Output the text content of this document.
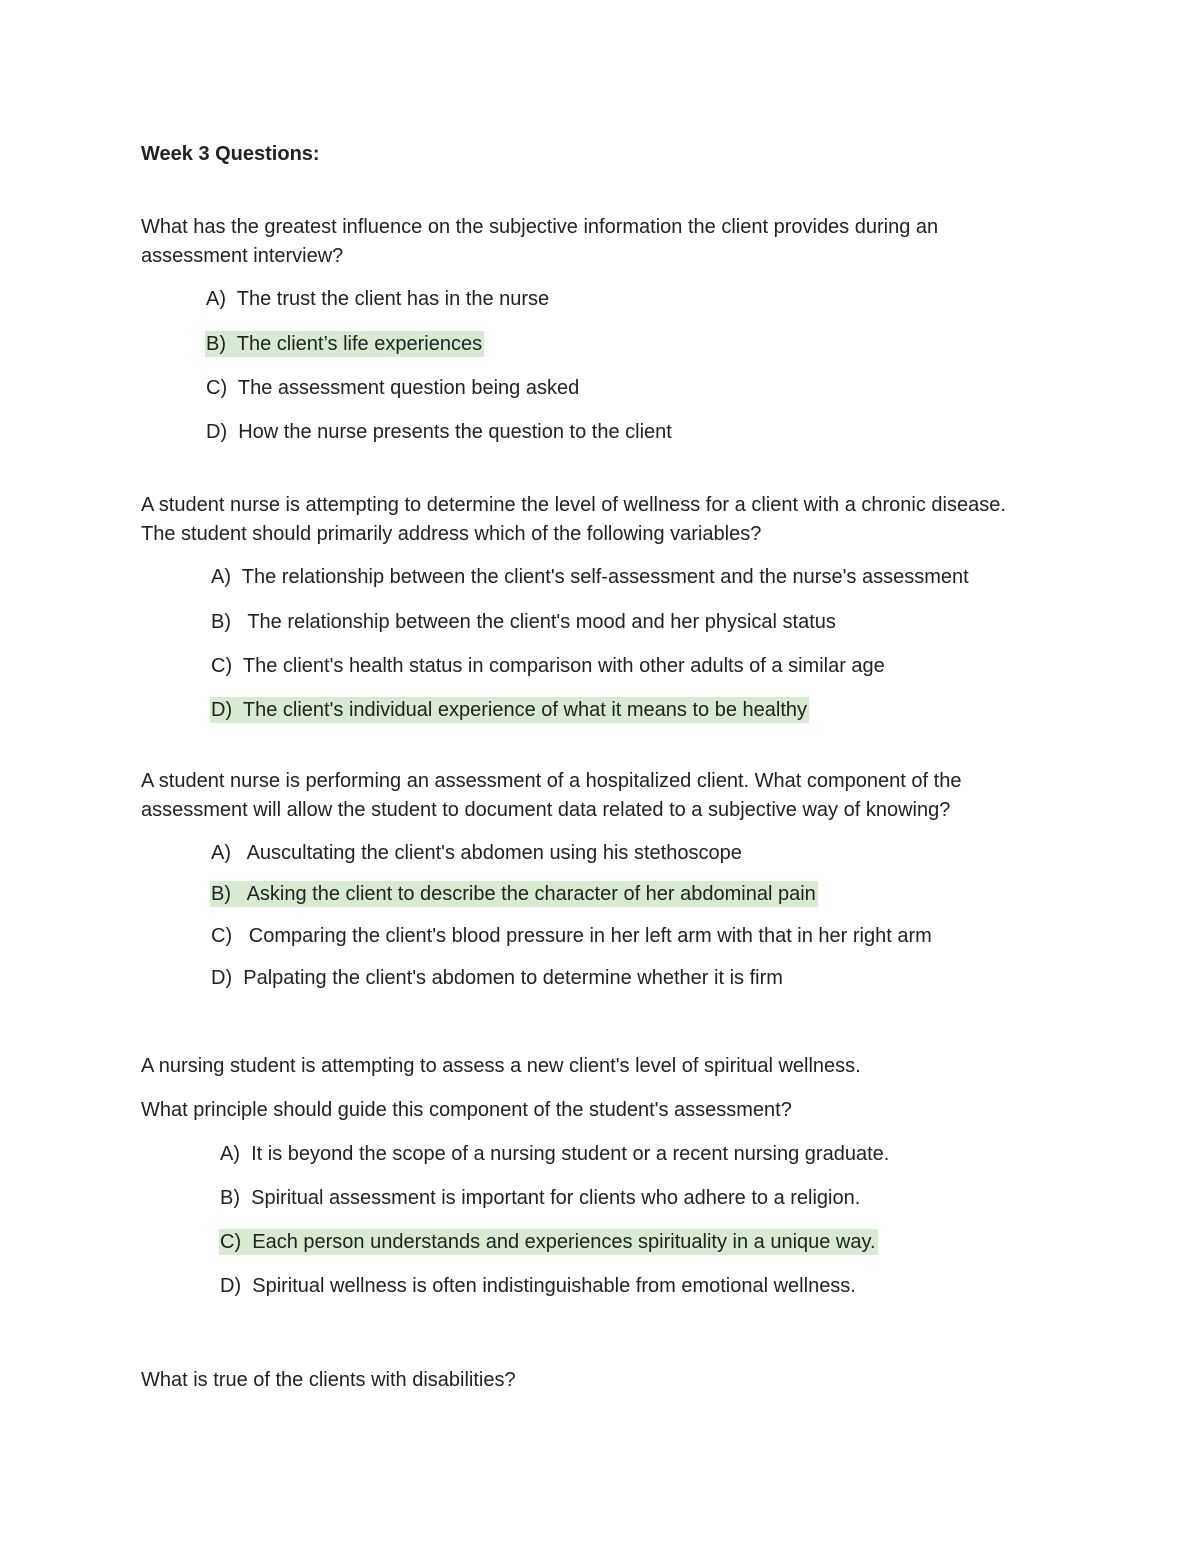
Week 3 Questions:

What has the greatest influence on the subjective information the client provides during an assessment interview?

A) The trust the client has in the nurse
B) The client’s life experiences
C) The assessment question being asked
D) How the nurse presents the question to the client

A student nurse is attempting to determine the level of wellness for a client with a chronic disease. The student should primarily address which of the following variables?

A) The relationship between the client's self-assessment and the nurse's assessment
B) The relationship between the client's mood and her physical status
C) The client's health status in comparison with other adults of a similar age
D) The client's individual experience of what it means to be healthy

A student nurse is performing an assessment of a hospitalized client. What component of the assessment will allow the student to document data related to a subjective way of knowing?

A) Auscultating the client's abdomen using his stethoscope
B) Asking the client to describe the character of her abdominal pain
C) Comparing the client's blood pressure in her left arm with that in her right arm
D) Palpating the client's abdomen to determine whether it is firm

A nursing student is attempting to assess a new client's level of spiritual wellness.

What principle should guide this component of the student's assessment?

A) It is beyond the scope of a nursing student or a recent nursing graduate.
B) Spiritual assessment is important for clients who adhere to a religion.
C) Each person understands and experiences spirituality in a unique way.
D) Spiritual wellness is often indistinguishable from emotional wellness.

What is true of the clients with disabilities?
